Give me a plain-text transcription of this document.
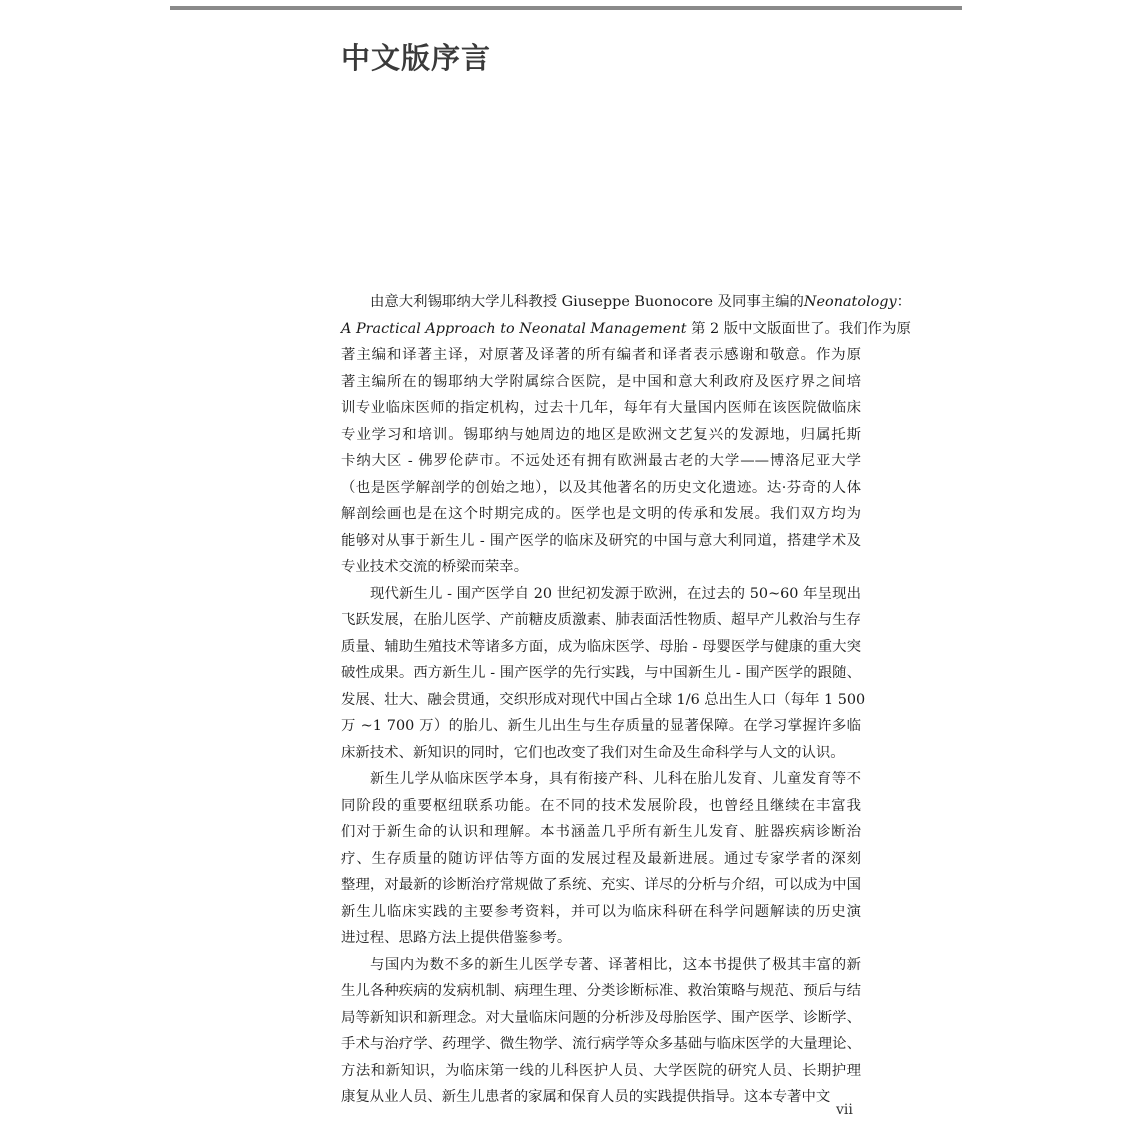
中文版序言
由意大利锡耶纳大学儿科教授 Giuseppe Buonocore 及同事主编的Neonatology：
A Practical Approach to Neonatal Management 第 2 版中文版面世了。我们作为原
著主编和译著主译，对原著及译著的所有编者和译者表示感谢和敬意。作为原
著主编所在的锡耶纳大学附属综合医院，是中国和意大利政府及医疗界之间培
训专业临床医师的指定机构，过去十几年，每年有大量国内医师在该医院做临床
专业学习和培训。锡耶纳与她周边的地区是欧洲文艺复兴的发源地，归属托斯
卡纳大区 - 佛罗伦萨市。不远处还有拥有欧洲最古老的大学——博洛尼亚大学
（也是医学解剖学的创始之地），以及其他著名的历史文化遗迹。达·芬奇的人体
解剖绘画也是在这个时期完成的。医学也是文明的传承和发展。我们双方均为
能够对从事于新生儿 - 围产医学的临床及研究的中国与意大利同道，搭建学术及
专业技术交流的桥梁而荣幸。
现代新生儿 - 围产医学自 20 世纪初发源于欧洲，在过去的 50~60 年呈现出
飞跃发展，在胎儿医学、产前糖皮质激素、肺表面活性物质、超早产儿救治与生存
质量、辅助生殖技术等诸多方面，成为临床医学、母胎 - 母婴医学与健康的重大突
破性成果。西方新生儿 - 围产医学的先行实践，与中国新生儿 - 围产医学的跟随、
发展、壮大、融会贯通，交织形成对现代中国占全球 1/6 总出生人口（每年 1 500
万 ~1 700 万）的胎儿、新生儿出生与生存质量的显著保障。在学习掌握许多临
床新技术、新知识的同时，它们也改变了我们对生命及生命科学与人文的认识。
新生儿学从临床医学本身，具有衔接产科、儿科在胎儿发育、儿童发育等不
同阶段的重要枢纽联系功能。在不同的技术发展阶段，也曾经且继续在丰富我
们对于新生命的认识和理解。本书涵盖几乎所有新生儿发育、脏器疾病诊断治
疗、生存质量的随访评估等方面的发展过程及最新进展。通过专家学者的深刻
整理，对最新的诊断治疗常规做了系统、充实、详尽的分析与介绍，可以成为中国
新生儿临床实践的主要参考资料，并可以为临床科研在科学问题解读的历史演
进过程、思路方法上提供借鉴参考。
与国内为数不多的新生儿医学专著、译著相比，这本书提供了极其丰富的新
生儿各种疾病的发病机制、病理生理、分类诊断标准、救治策略与规范、预后与结
局等新知识和新理念。对大量临床问题的分析涉及母胎医学、围产医学、诊断学、
手术与治疗学、药理学、微生物学、流行病学等众多基础与临床医学的大量理论、
方法和新知识，为临床第一线的儿科医护人员、大学医院的研究人员、长期护理
康复从业人员、新生儿患者的家属和保育人员的实践提供指导。这本专著中文
vii
